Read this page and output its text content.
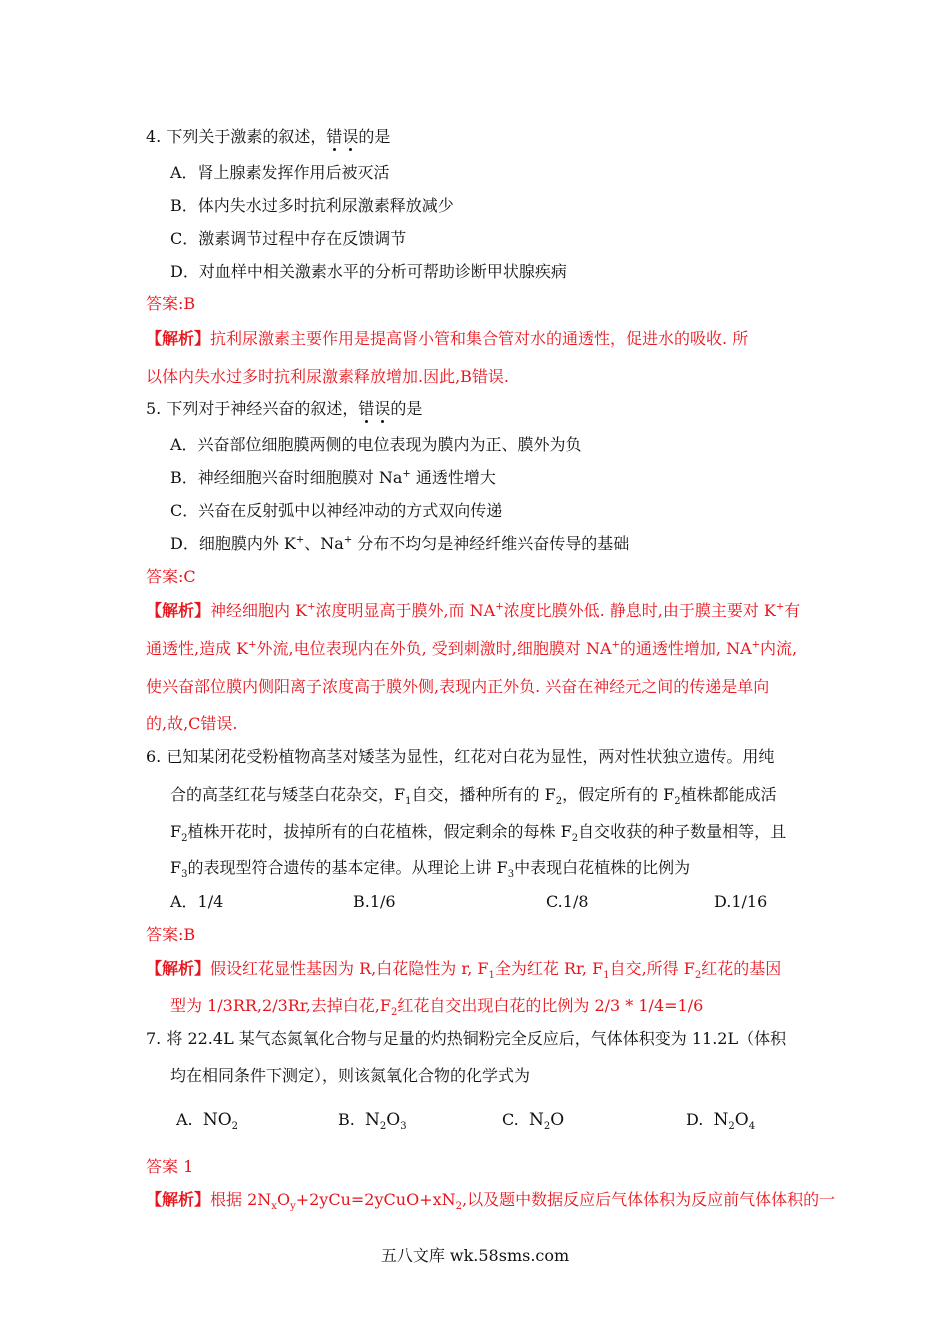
4. 下列关于激素的叙述，错误的是
A．肾上腺素发挥作用后被灭活
B．体内失水过多时抗利尿激素释放减少
C．激素调节过程中存在反馈调节
D．对血样中相关激素水平的分析可帮助诊断甲状腺疾病
答案:B
【解析】抗利尿激素主要作用是提高肾小管和集合管对水的通透性，促进水的吸收. 所
以体内失水过多时抗利尿激素释放增加.因此,B错误.
5. 下列对于神经兴奋的叙述，错误的是
A．兴奋部位细胞膜两侧的电位表现为膜内为正、膜外为负
B．神经细胞兴奋时细胞膜对 Na+ 通透性增大
C．兴奋在反射弧中以神经冲动的方式双向传递
D．细胞膜内外 K+、Na+ 分布不均匀是神经纤维兴奋传导的基础
答案:C
【解析】神经细胞内 K+浓度明显高于膜外,而 NA+浓度比膜外低. 静息时,由于膜主要对 K+有
通透性,造成 K+外流,电位表现内在外负, 受到刺激时,细胞膜对 NA+的通透性增加, NA+内流,
使兴奋部位膜内侧阳离子浓度高于膜外侧,表现内正外负. 兴奋在神经元之间的传递是单向
的,故,C错误.
6. 已知某闭花受粉植物高茎对矮茎为显性，红花对白花为显性，两对性状独立遗传。用纯
合的高茎红花与矮茎白花杂交，$F_1$自交，播种所有的 $F_2$，假定所有的 $F_2$植株都能成活
$F_2$植株开花时，拔掉所有的白花植株，假定剩余的每株 $F_2$自交收获的种子数量相等，且
$F_3$的表现型符合遗传的基本定律。从理论上讲 $F_3$中表现白花植株的比例为
A．1/4	B.1/6	C.1/8	D.1/16
答案:B
【解析】假设红花显性基因为 R,白花隐性为 r, $F_1$全为红花 Rr, $F_1$自交,所得 $F_2$红花的基因
型为 1/3RR,2/3Rr,去掉白花$,F_2$红花自交出现白花的比例为 2/3 * 1/4=1/6
7. 将 22.4L 某气态氮氧化合物与足量的灼热铜粉完全反应后，气体体积变为 11.2L（体积
均在相同条件下测定），则该氮氧化合物的化学式为
A. $NO_2$	B. $N_2O_3$	C. $N_2O$	D. $N_2O_4$
答案 1
【解析】根据 $2N_xO_y+2yCu=2yCuO+xN_2$,以及题中数据反应后气体体积为反应前气体体积的一
五八文库 wk.58sms.com
